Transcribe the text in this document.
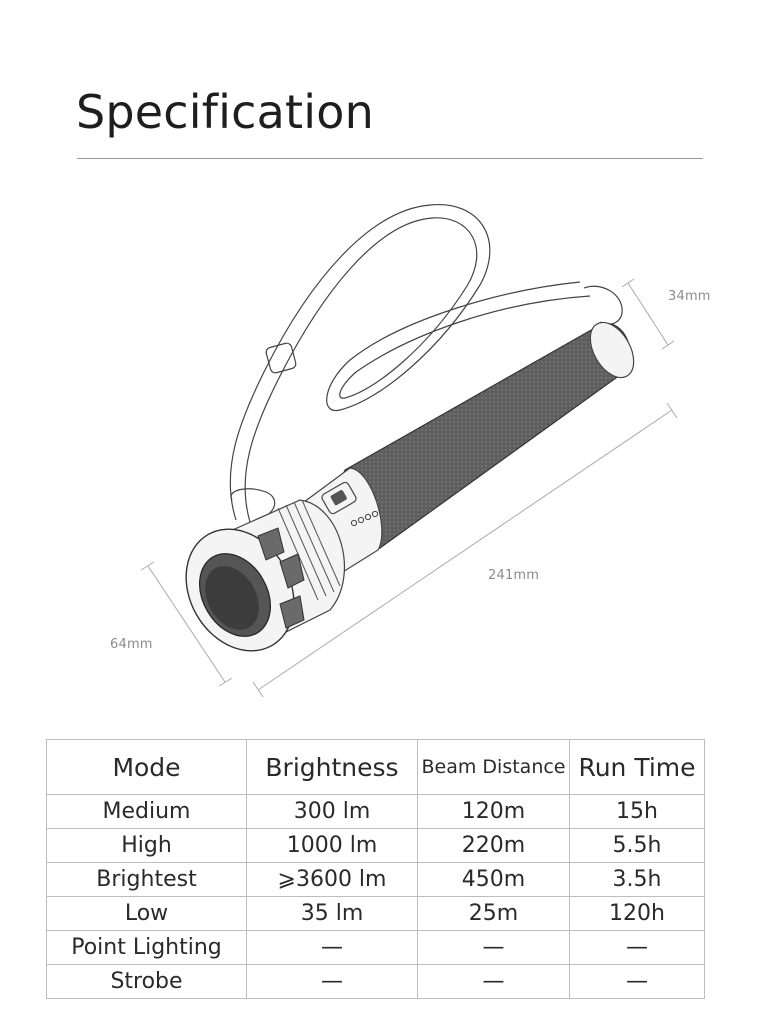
Specification
34mm
241mm
64mm
Mode	Brightness	Beam Distance	Run Time
Medium	300 lm	120m	15h
High	1000 lm	220m	5.5h
Brightest	⩾3600 lm	450m	3.5h
Low	35 lm	25m	120h
Point Lighting	—	—	—
Strobe	—	—	—
